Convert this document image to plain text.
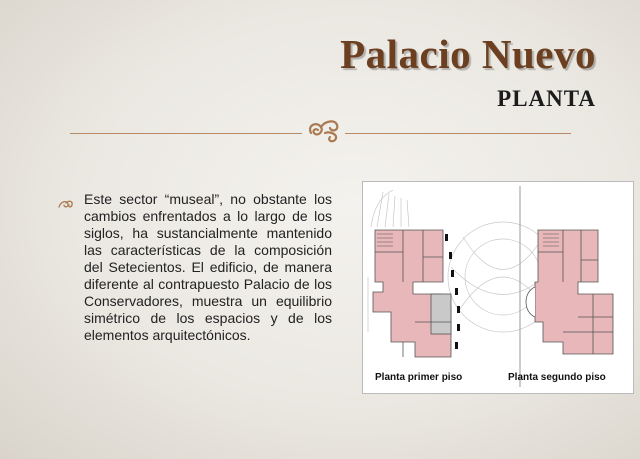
Palacio Nuevo
PLANTA
Este sector “museal”, no obstante los cambios enfrentados a lo largo de los siglos, ha sustancialmente mantenido las características de la composición del Setecientos. El edificio, de manera diferente al contrapuesto Palacio de los Conservadores, muestra un equilibrio simétrico de los espacios y de los elementos arquitectónicos.
Planta primer piso	Planta segundo piso
